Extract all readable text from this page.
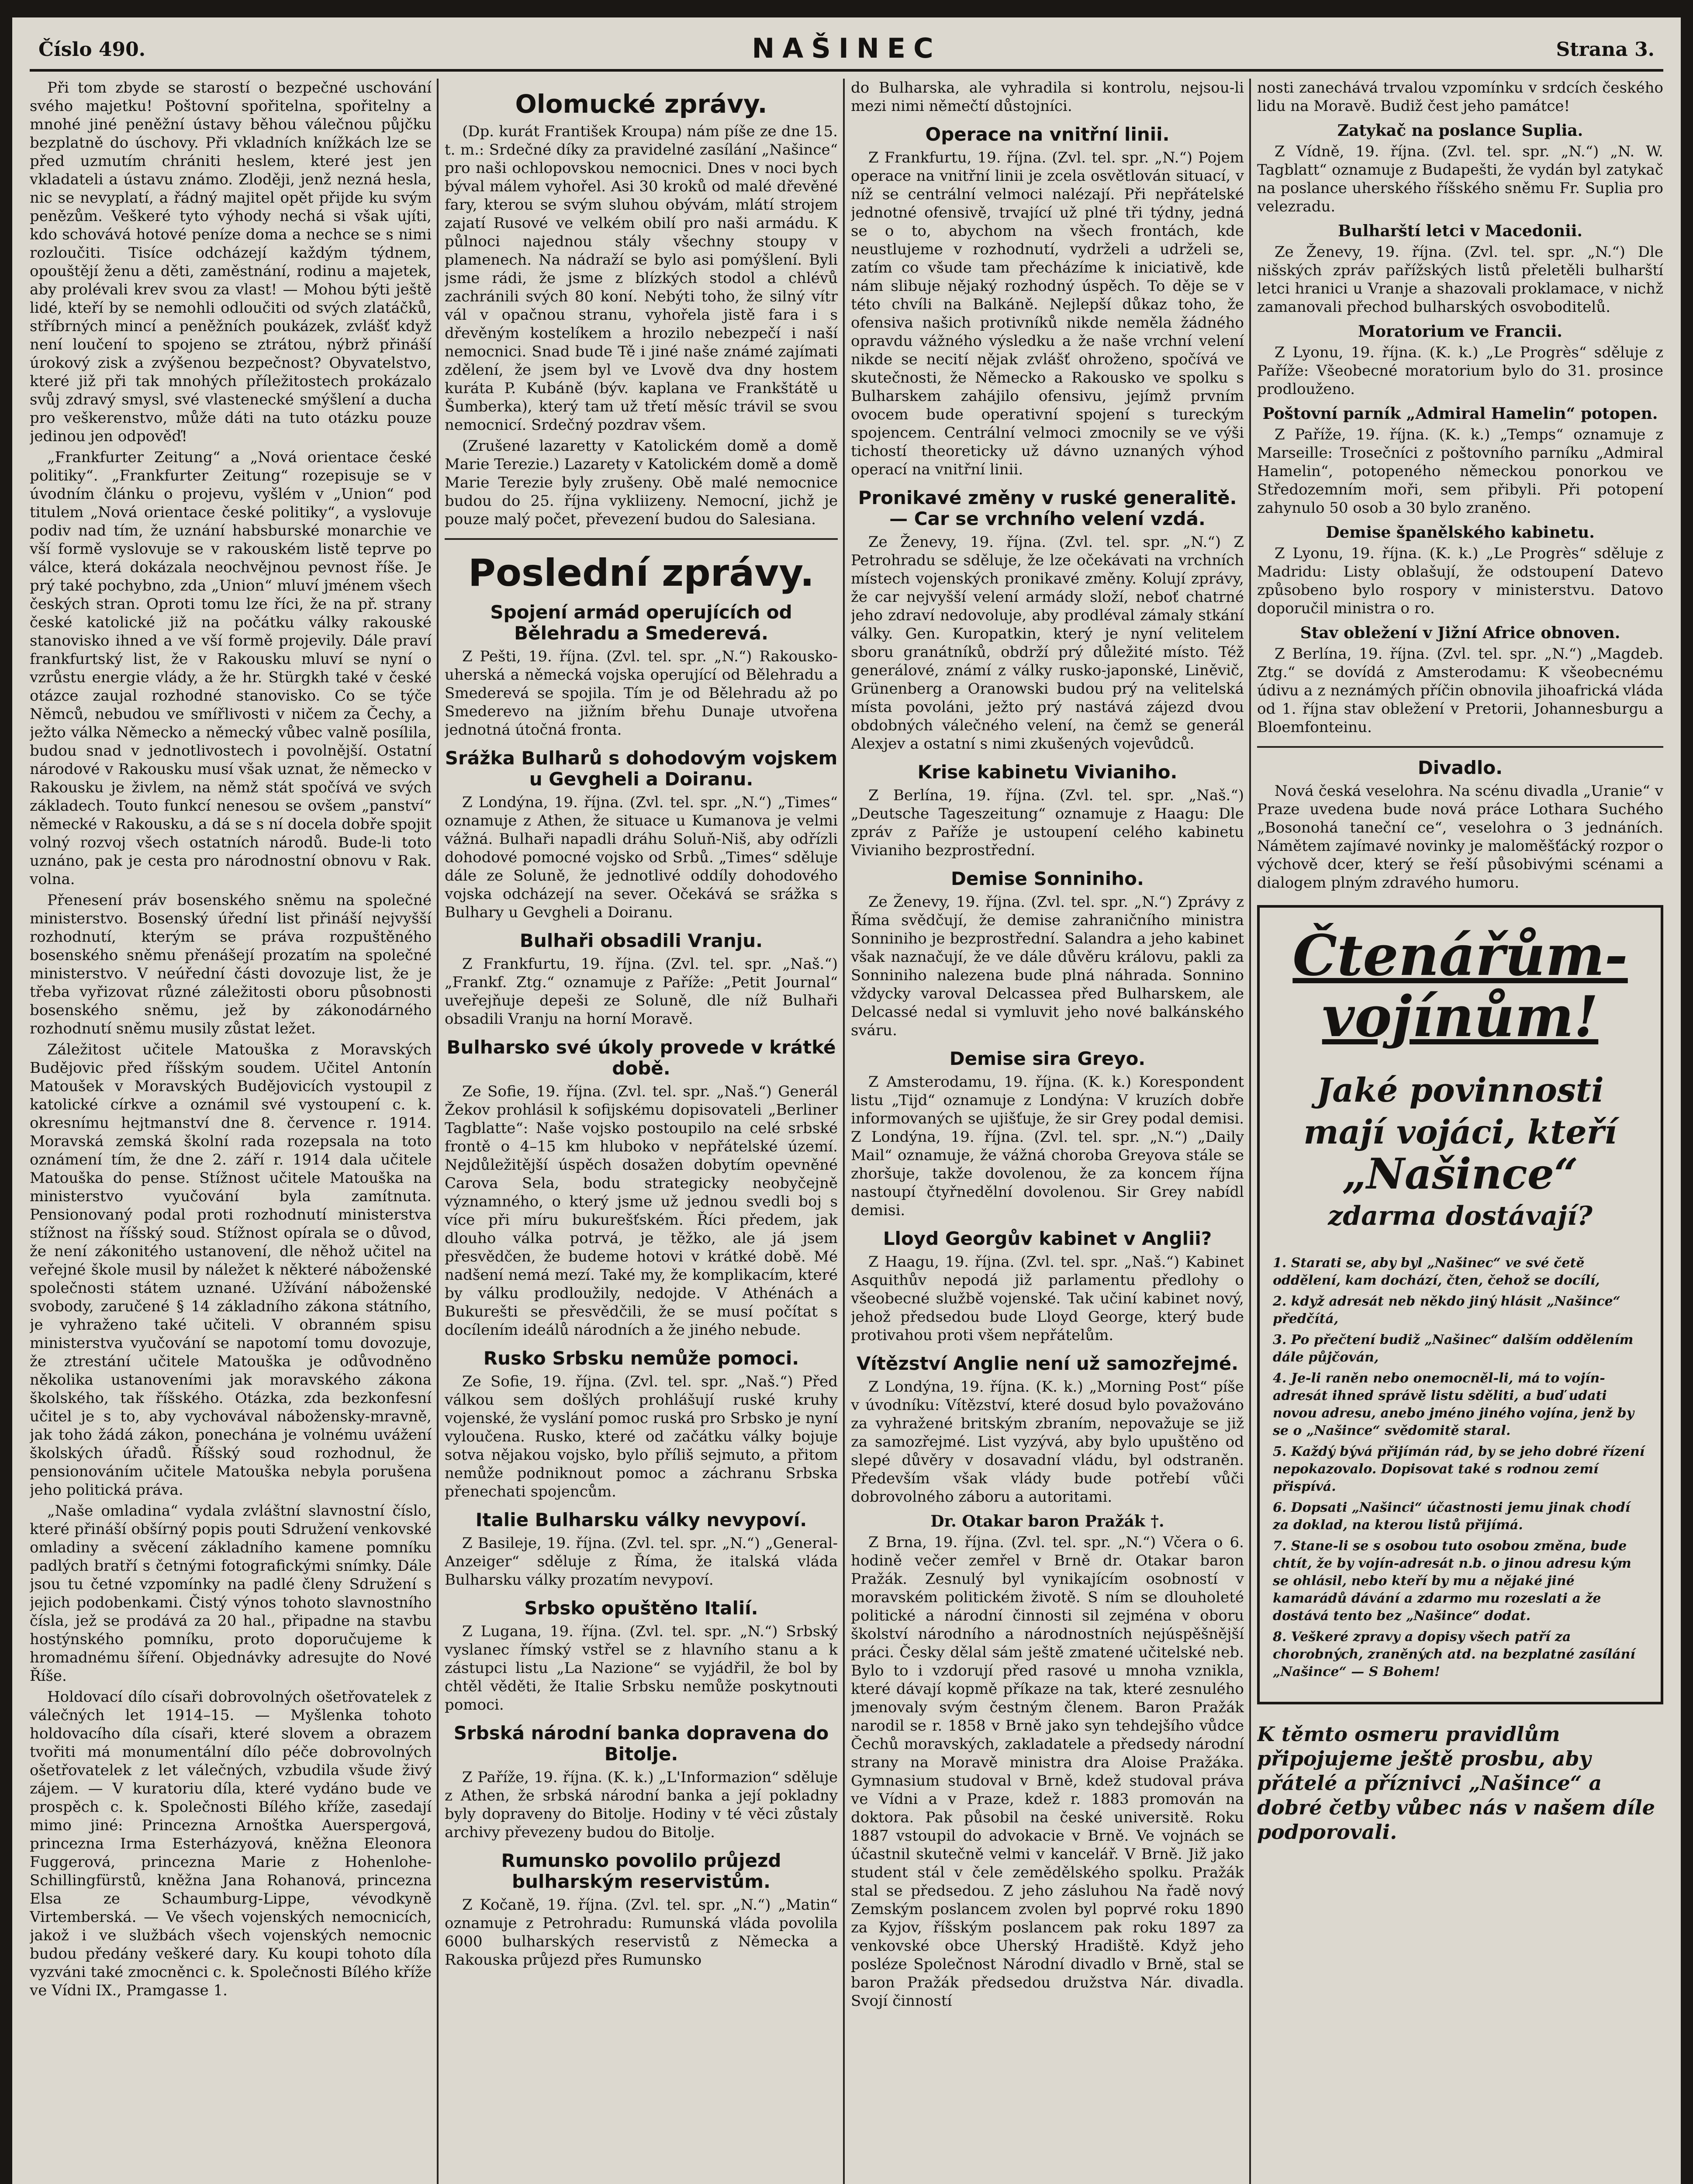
Číslo 490.	NAŠINEC	Strana 3.

Při tom zbyde se starostí o bezpečné uschování svého majetku! Poštovní spořitelna, spořitelny a mnohé jiné peněžní ústavy běhou válečnou půjčku bezplatně do úschovy. Při vkladních knížkách lze se před uzmutím chrániti heslem, které jest jen vkladateli a ústavu známo. Zloději, jenž nezná hesla, nic se nevyplatí, a řádný majitel opět přijde ku svým penězům. Veškeré tyto výhody nechá si však ujíti, kdo schovává hotové peníze doma a nechce se s nimi rozloučiti. Tisíce odcházejí každým týdnem, opouštějí ženu a děti, zaměstnání, rodinu a majetek, aby prolévali krev svou za vlast! — Mohou býti ještě lidé, kteří by se nemohli odloučiti od svých zlatáčků, stříbrných mincí a peněžních poukázek, zvlášť když není loučení to spojeno se ztrátou, nýbrž přináší úrokový zisk a zvýšenou bezpečnost? Obyvatelstvo, které již při tak mnohých příležitostech prokázalo svůj zdravý smysl, své vlastenecké smýšlení a ducha pro veškerenstvo, může dáti na tuto otázku pouze jedinou jen odpověď!

„Frankfurter Zeitung“ a „Nová orientace české politiky“. „Frankfurter Zeitung“ rozepisuje se v úvodním článku o projevu, vyšlém v „Union“ pod titulem „Nová orientace české politiky“, a vyslovuje podiv nad tím, že uznání habsburské monarchie ve vší formě vyslovuje se v rakouském listě teprve po válce, která dokázala neochvějnou pevnost říše. Je prý také pochybno, zda „Union“ mluví jménem všech českých stran. Oproti tomu lze říci, že na př. strany české katolické již na počátku války rakouské stanovisko ihned a ve vší formě projevily. Dále praví frankfurtský list, že v Rakousku mluví se nyní o vzrůstu energie vlády, a že hr. Stürgkh také v české otázce zaujal rozhodné stanovisko. Co se týče Němců, nebudou ve smířlivosti v ničem za Čechy, a ježto válka Německo a německý vůbec valně posílila, budou snad v jednotlivostech i povolnější. Ostatní národové v Rakousku musí však uznat, že německo v Rakousku je živlem, na němž stát spočívá ve svých základech. Touto funkcí nenesou se ovšem „panství“ německé v Rakousku, a dá se s ní docela dobře spojit volný rozvoj všech ostatních národů. Bude-li toto uznáno, pak je cesta pro národnostní obnovu v Rak. volna.

Přenesení práv bosenského sněmu na společné ministerstvo. Bosenský úřední list přináší nejvyšší rozhodnutí, kterým se práva rozpuštěného bosenského sněmu přenášejí prozatím na společné ministerstvo. V neúřední části dovozuje list, že je třeba vyřizovat různé záležitosti oboru působnosti bosenského sněmu, jež by zákonodárného rozhodnutí sněmu musily zůstat ležet.

Záležitost učitele Matouška z Moravských Budějovic před říšským soudem. Učitel Antonín Matoušek v Moravských Budějovicích vystoupil z katolické církve a oznámil své vystoupení c. k. okresnímu hejtmanství dne 8. července r. 1914. Moravská zemská školní rada rozepsala na toto oznámení tím, že dne 2. září r. 1914 dala učitele Matouška do pense. Stížnost učitele Matouška na ministerstvo vyučování byla zamítnuta. Pensionovaný podal proti rozhodnutí ministerstva stížnost na říšský soud. Stížnost opírala se o důvod, že není zákonitého ustanovení, dle něhož učitel na veřejné škole musil by náležet k některé náboženské společnosti státem uznané. Užívání náboženské svobody, zaručené § 14 základního zákona státního, je vyhraženo také učiteli. V obranném spisu ministerstva vyučování se napotomí tomu dovozuje, že ztrestání učitele Matouška je odůvodněno několika ustanoveními jak moravského zákona školského, tak říšského. Otázka, zda bezkonfesní učitel je s to, aby vychovával nábožensky-mravně, jak toho žádá zákon, ponechána je volnému uvážení školských úřadů. Říšský soud rozhodnul, že pensionováním učitele Matouška nebyla porušena jeho politická práva.

„Naše omladina“ vydala zvláštní slavnostní číslo, které přináší obšírný popis pouti Sdružení venkovské omladiny a svěcení základního kamene pomníku padlých bratří s četnými fotografickými snímky. Dále jsou tu četné vzpomínky na padlé členy Sdružení s jejich podobenkami. Čistý výnos tohoto slavnostního čísla, jež se prodává za 20 hal., připadne na stavbu hostýnského pomníku, proto doporučujeme k hromadnému šíření. Objednávky adresujte do Nové Říše.

Holdovací dílo císaři dobrovolných ošetřovatelek z válečných let 1914–15. — Myšlenka tohoto holdovacího díla císaři, které slovem a obrazem tvořiti má monumentální dílo péče dobrovolných ošetřovatelek z let válečných, vzbudila všude živý zájem. — V kuratoriu díla, které vydáno bude ve prospěch c. k. Společnosti Bílého kříže, zasedají mimo jiné: Princezna Arnoštka Auerspergová, princezna Irma Esterházyová, kněžna Eleonora Fuggerová, princezna Marie z Hohenlohe-Schillingfürstů, kněžna Jana Rohanová, princezna Elsa ze Schaumburg-Lippe, vévodkyně Virtemberská. — Ve všech vojenských nemocnicích, jakož i ve službách všech vojenských nemocnic budou předány veškeré dary. Ku koupi tohoto díla vyzváni také zmocněnci c. k. Společnosti Bílého kříže ve Vídni IX., Pramgasse 1.

Olomucké zprávy.

(Dp. kurát František Kroupa) nám píše ze dne 15. t. m.: Srdečné díky za pravidelné zasílání „Našince“ pro naši ochlopovskou nemocnici. Dnes v noci bych býval málem vyhořel. Asi 30 kroků od malé dřevěné fary, kterou se svým sluhou obývám, mlátí strojem zajatí Rusové ve velkém obilí pro naši armádu. K půlnoci najednou stály všechny stoupy v plamenech. Na nádraží se bylo asi pomýšlení. Byli jsme rádi, že jsme z blízkých stodol a chlévů zachránili svých 80 koní. Nebýti toho, že silný vítr vál v opačnou stranu, vyhořela jistě fara i s dřevěným kostelíkem a hrozilo nebezpečí i naší nemocnici. Snad bude Tě i jiné naše známé zajímati zdělení, že jsem byl ve Lvově dva dny hostem kuráta P. Kubáně (býv. kaplana ve Frankštátě u Šumberka), který tam už třetí měsíc trávil se svou nemocnicí. Srdečný pozdrav všem.

(Zrušené lazaretty v Katolickém domě a domě Marie Terezie.) Lazarety v Katolickém domě a domě Marie Terezie byly zrušeny. Obě malé nemocnice budou do 25. října vykliizeny. Nemocní, jichž je pouze malý počet, převezení budou do Salesiana.

Poslední zprávy.
Spojení armád operujících od Bělehradu a Smederevá.

Z Pešti, 19. října. (Zvl. tel. spr. „N.“) Rakousko-uherská a německá vojska operující od Bělehradu a Smederevá se spojila. Tím je od Bělehradu až po Smederevo na jižním břehu Dunaje utvořena jednotná útočná fronta.

Srážka Bulharů s dohodovým vojskem u Gevgheli a Doiranu.

Z Londýna, 19. října. (Zvl. tel. spr. „N.“) „Times“ oznamuje z Athen, že situace u Kumanova je velmi vážná. Bulhaři napadli dráhu Soluň-Niš, aby odřízli dohodové pomocné vojsko od Srbů. „Times“ sděluje dále ze Soluně, že jednotlivé oddíly dohodového vojska odcházejí na sever. Očekává se srážka s Bulhary u Gevgheli a Doiranu.

Bulhaři obsadili Vranju.

Z Frankfurtu, 19. října. (Zvl. tel. spr. „Naš.“) „Frankf. Ztg.“ oznamuje z Paříže: „Petit Journal“ uveřejňuje depeši ze Soluně, dle níž Bulhaři obsadili Vranju na horní Moravě.

Bulharsko své úkoly provede v krátké době.

Ze Sofie, 19. října. (Zvl. tel. spr. „Naš.“) Generál Žekov prohlásil k sofijskému dopisovateli „Berliner Tagblatte“: Naše vojsko postoupilo na celé srbské frontě o 4–15 km hluboko v nepřátelské území. Nejdůležitější úspěch dosažen dobytím opevněné Carova Sela, bodu strategicky neobyčejně významného, o který jsme už jednou svedli boj s více při míru bukurešťském. Říci předem, jak dlouho válka potrvá, je těžko, ale já jsem přesvědčen, že budeme hotovi v krátké době. Mé nadšení nemá mezí. Také my, že komplikacím, které by válku prodloužily, nedojde. V Athénách a Bukurešti se přesvědčili, že se musí počítat s docílením ideálů národních a že jiného nebude.

Rusko Srbsku nemůže pomoci.

Ze Sofie, 19. října. (Zvl. tel. spr. „Naš.“) Před válkou sem došlých prohlášují ruské kruhy vojenské, že vyslání pomoc ruská pro Srbsko je nyní vyloučena. Rusko, které od začátku války bojuje sotva nějakou vojsko, bylo příliš sejmuto, a přitom nemůže podniknout pomoc a záchranu Srbska přenechati spojencům.

Italie Bulharsku války nevypoví.

Z Basileje, 19. října. (Zvl. tel. spr. „N.“) „General-Anzeiger“ sděluje z Říma, že italská vláda Bulharsku války prozatím nevypoví.

Srbsko opuštěno Italií.

Z Lugana, 19. října. (Zvl. tel. spr. „N.“) Srbský vyslanec římský vstřel se z hlavního stanu a k zástupci listu „La Nazione“ se vyjádřil, že bol by chtěl věděti, že Italie Srbsku nemůže poskytnouti pomoci.

Srbská národní banka dopravena do Bitolje.

Z Paříže, 19. října. (K. k.) „L'Informazion“ sděluje z Athen, že srbská národní banka a její pokladny byly dopraveny do Bitolje. Hodiny v té věci zůstaly archivy převezeny budou do Bitolje.

Rumunsko povolilo průjezd bulharským reservistům.

Z Kočaně, 19. října. (Zvl. tel. spr. „N.“) „Matin“ oznamuje z Petrohradu: Rumunská vláda povolila 6000 bulharských reservistů z Německa a Rakouska průjezd přes Rumunsko

do Bulharska, ale vyhradila si kontrolu, nejsou-li mezi nimi němečtí důstojníci.

Operace na vnitřní linii.

Z Frankfurtu, 19. října. (Zvl. tel. spr. „N.“) Pojem operace na vnitřní linii je zcela osvětlován situací, v níž se centrální velmoci nalézají. Při nepřátelské jednotné ofensivě, trvající už plné tři týdny, jedná se o to, abychom na všech frontách, kde neustlujeme v rozhodnutí, vydrželi a udrželi se, zatím co všude tam přecházíme k iniciativě, kde nám slibuje nějaký rozhodný úspěch. To děje se v této chvíli na Balkáně. Nejlepší důkaz toho, že ofensiva našich protivníků nikde neměla žádného opravdu vážného výsledku a že naše vrchní velení nikde se necití nějak zvlášť ohroženo, spočívá ve skutečnosti, že Německo a Rakousko ve spolku s Bulharskem zahájilo ofensivu, jejímž prvním ovocem bude operativní spojení s tureckým spojencem. Centrální velmoci zmocnily se ve výši tichostí theoreticky už dávno uznaných výhod operací na vnitřní linii.

Pronikavé změny v ruské generalitě. — Car se vrchního velení vzdá.

Ze Ženevy, 19. října. (Zvl. tel. spr. „N.“) Z Petrohradu se sděluje, že lze očekávati na vrchních místech vojenských pronikavé změny. Kolují zprávy, že car nejvyšší velení armády složí, neboť chatrné jeho zdraví nedovoluje, aby prodléval zámaly stkání války. Gen. Kuropatkin, který je nyní velitelem sboru granátníků, obdrží prý důležité místo. Též generálové, známí z války rusko-japonské, Liněvič, Grünenberg a Oranowski budou prý na velitelská místa povoláni, ježto prý nastává zájezd dvou obdobných válečného velení, na čemž se generál Alexjev a ostatní s nimi zkušených vojevůdců.

Krise kabinetu Vivianiho.

Z Berlína, 19. října. (Zvl. tel. spr. „Naš.“) „Deutsche Tageszeitung“ oznamuje z Haagu: Dle zpráv z Paříže je ustoupení celého kabinetu Vivianiho bezprostřední.

Demise Sonniniho.

Ze Ženevy, 19. října. (Zvl. tel. spr. „N.“) Zprávy z Říma svědčují, že demise zahraničního ministra Sonniniho je bezprostřední. Salandra a jeho kabinet však naznačují, že ve dále důvěru královu, pakli za Sonniniho nalezena bude plná náhrada. Sonnino vždycky varoval Delcassea před Bulharskem, ale Delcassé nedal si vymluvit jeho nové balkánského sváru.

Demise sira Greyo.

Z Amsterodamu, 19. října. (K. k.) Korespondent listu „Tijd“ oznamuje z Londýna: V kruzích dobře informovaných se ujišťuje, že sir Grey podal demisi. Z Londýna, 19. října. (Zvl. tel. spr. „N.“) „Daily Mail“ oznamuje, že vážná choroba Greyova stále se zhoršuje, takže dovolenou, že za koncem října nastoupí čtyřnedělní dovolenou. Sir Grey nabídl demisi.

Lloyd Georgův kabinet v Anglii?

Z Haagu, 19. října. (Zvl. tel. spr. „Naš.“) Kabinet Asquithův nepodá již parlamentu předlohy o všeobecné službě vojenské. Tak učiní kabinet nový, jehož předsedou bude Lloyd George, který bude protivahou proti všem nepřátelům.

Vítězství Anglie není už samozřejmé.

Z Londýna, 19. října. (K. k.) „Morning Post“ píše v úvodníku: Vítězství, které dosud bylo považováno za vyhražené britským zbraním, nepovažuje se již za samozřejmé. List vyzývá, aby bylo upuštěno od slepé důvěry v dosavadní vládu, byl odstraněn. Především však vlády bude potřebí vůči dobrovolného záboru a autoritami.

Dr. Otakar baron Pražák †.

Z Brna, 19. října. (Zvl. tel. spr. „N.“) Včera o 6. hodině večer zemřel v Brně dr. Otakar baron Pražák. Zesnulý byl vynikajícím osobností v moravském politickém životě. S ním se dlouholeté politické a národní činnosti sil zejména v oboru školství národního a národnostních nejúspěšnější práci. Česky dělal sám ještě zmatené učitelské neb. Bylo to i vzdorují před rasové u mnoha vznikla, které dávají kopmě příkaze na tak, které zesnulého jmenovaly svým čestným členem. Baron Pražák narodil se r. 1858 v Brně jako syn tehdejšího vůdce Čechů moravských, zakladatele a předsedy národní strany na Moravě ministra dra Aloise Pražáka. Gymnasium studoval v Brně, kdež studoval práva ve Vídni a v Praze, kdež r. 1883 promován na doktora. Pak působil na české universitě. Roku 1887 vstoupil do advokacie v Brně. Ve vojnách se účastnil skutečně velmi v kancelář. V Brně. Již jako student stál v čele zemědělského spolku. Pražák stal se předsedou. Z jeho zásluhou Na řadě nový Zemským poslancem zvolen byl poprvé roku 1890 za Kyjov, říšským poslancem pak roku 1897 za venkovské obce Uherský Hradiště. Když jeho posléze Společnost Národní divadlo v Brně, stal se baron Pražák předsedou družstva Nár. divadla. Svojí činností

nosti zanechává trvalou vzpomínku v srdcích českého lidu na Moravě. Budiž čest jeho památce!

Zatykač na poslance Suplia.

Z Vídně, 19. října. (Zvl. tel. spr. „N.“) „N. W. Tagblatt“ oznamuje z Budapešti, že vydán byl zatykač na poslance uherského říšského sněmu Fr. Suplia pro velezradu.

Bulharští letci v Macedonii.

Ze Ženevy, 19. října. (Zvl. tel. spr. „N.“) Dle nišských zpráv pařížských listů přeletěli bulharští letci hranici u Vranje a shazovali proklamace, v nichž zamanovali přechod bulharských osvoboditelů.

Moratorium ve Francii.

Z Lyonu, 19. října. (K. k.) „Le Progrès“ sděluje z Paříže: Všeobecné moratorium bylo do 31. prosince prodlouženo.

Poštovní parník „Admiral Hamelin“ potopen.

Z Paříže, 19. října. (K. k.) „Temps“ oznamuje z Marseille: Trosečníci z poštovního parníku „Admiral Hamelin“, potopeného německou ponorkou ve Středozemním moři, sem přibyli. Při potopení zahynulo 50 osob a 30 bylo zraněno.

Demise španělského kabinetu.

Z Lyonu, 19. října. (K. k.) „Le Progrès“ sděluje z Madridu: Listy oblašují, že odstoupení Datevo způsobeno bylo rospory v ministerstvu. Datovo doporučil ministra o ro.

Stav obležení v Jižní Africe obnoven.

Z Berlína, 19. října. (Zvl. tel. spr. „N.“) „Magdeb. Ztg.“ se dovídá z Amsterodamu: K všeobecnému údivu a z neznámých příčin obnovila jihoafrická vláda od 1. října stav obležení v Pretorii, Johannesburgu a Bloemfonteinu.

Divadlo.

Nová česká veselohra. Na scénu divadla „Uranie“ v Praze uvedena bude nová práce Lothara Suchého „Bosonohá taneční ce“, veselohra o 3 jednáních. Námětem zajímavé novinky je maloměšťácký rozpor o výchově dcer, který se řeší působivými scénami a dialogem plným zdravého humoru.

Čtenářům-
vojínům!
Jaké povinnosti
mají vojáci, kteří
„Našince“
zdarma dostávají?
1. Starati se, aby byl „Našinec“ ve své četě oddělení, kam dochází, čten, čehož se docílí,
2. když adresát neb někdo jiný hlásit „Našince“ předčítá,
3. Po přečtení budiž „Našinec“ dalším oddělením dále půjčován,
4. Je-li raněn nebo onemocněl-li, má to vojín-adresát ihned správě listu sděliti, a buď udati novou adresu, anebo jméno jiného vojína, jenž by se o „Našince“ svědomitě staral.
5. Každý bývá přijímán rád, by se jeho dobré řízení nepokazovalo. Dopisovat také s rodnou zemí přispívá.
6. Dopsati „Našinci“ účastnosti jemu jinak chodí za doklad, na kterou listů přijímá.
7. Stane-li se s osobou tuto osobou změna, bude chtít, že by vojín-adresát n.b. o jinou adresu kým se ohlásil, nebo kteří by mu a nějaké jiné kamarádů dávání a zdarmo mu rozeslati a že dostává tento bez „Našince“ dodat.
8. Veškeré zpravy a dopisy všech patří za chorobných, zraněných atd. na bezplatné zasílání „Našince“ — S Bohem!
K těmto osmeru pravidlům připojujeme ještě prosbu, aby přátelé a příznivci „Našince“ a dobré četby vůbec nás v našem díle podporovali.
